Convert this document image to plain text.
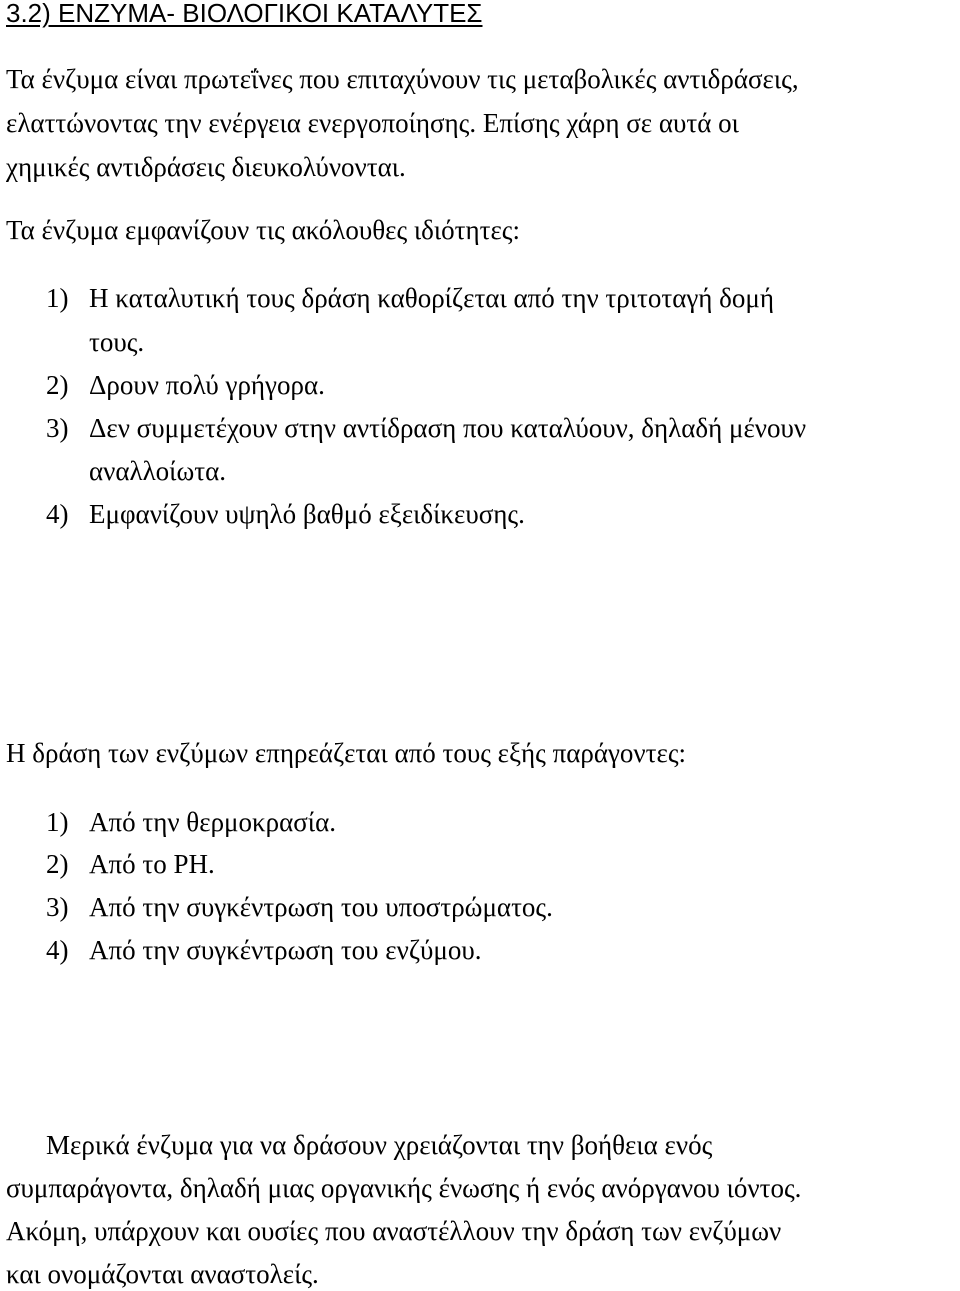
3.2) ΕΝΖΥΜΑ- ΒΙΟΛΟΓΙΚΟΙ ΚΑΤΑΛΥΤΕΣ
Τα ένζυμα είναι πρωτεΐνες που επιταχύνουν τις μεταβολικές αντιδράσεις,
ελαττώνοντας την ενέργεια ενεργοποίησης. Επίσης χάρη σε αυτά οι
χημικές αντιδράσεις διευκολύνονται.
Τα ένζυμα εμφανίζουν τις ακόλουθες ιδιότητες:
1) Η καταλυτική τους δράση καθορίζεται από την τριτοταγή δομή
τους.
2) Δρουν πολύ γρήγορα.
3) Δεν συμμετέχουν στην αντίδραση που καταλύουν, δηλαδή μένουν
αναλλοίωτα.
4) Εμφανίζουν υψηλό βαθμό εξειδίκευσης.
Η δράση των ενζύμων επηρεάζεται από τους εξής παράγοντες:
1) Από την θερμοκρασία.
2) Από το PH.
3) Από την συγκέντρωση του υποστρώματος.
4) Από την συγκέντρωση του ενζύμου.
Μερικά ένζυμα για να δράσουν χρειάζονται την βοήθεια ενός
συμπαράγοντα, δηλαδή μιας οργανικής ένωσης ή ενός ανόργανου ιόντος.
Ακόμη, υπάρχουν και ουσίες που αναστέλλουν την δράση των ενζύμων
και ονομάζονται αναστολείς.
